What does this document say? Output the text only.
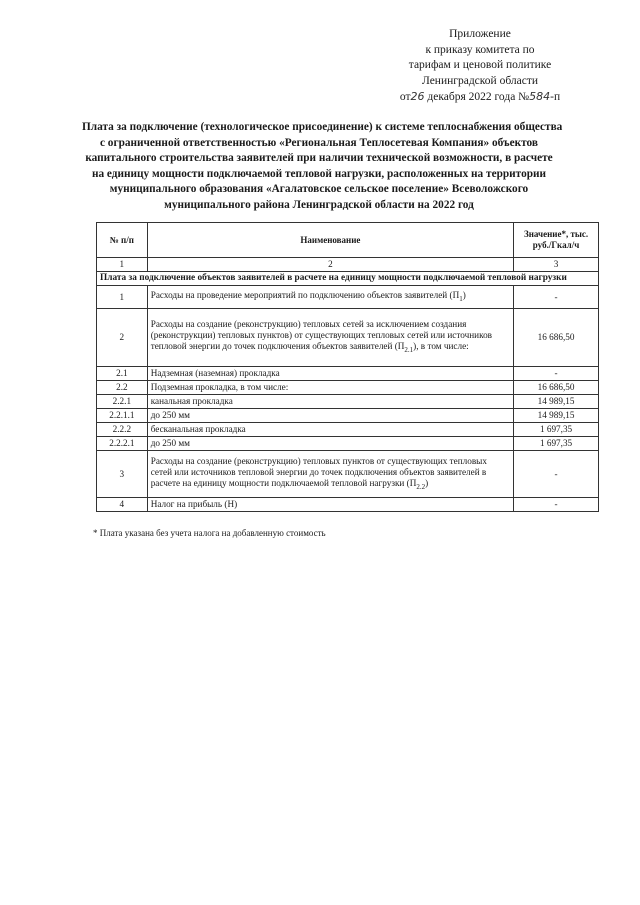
Приложение
к приказу комитета по
тарифам и ценовой политике
Ленинградской области
от26 декабря 2022 года №584-п
Плата за подключение (технологическое присоединение) к системе теплоснабжения общества
с ограниченной ответственностью «Региональная Теплосетевая Компания» объектов
капитального строительства заявителей при наличии технической возможности, в расчете
на единицу мощности подключаемой тепловой нагрузки, расположенных на территории
муниципального образования «Агалатовское сельское поселение» Всеволожского
муниципального района Ленинградской области на 2022 год
№ п/п	Наименование	Значение*, тыс. руб./Гкал/ч
1	2	3
Плата за подключение объектов заявителей в расчете на единицу мощности подключаемой тепловой нагрузки		
1	Расходы на проведение мероприятий по подключению объектов заявителей $(П_1)$	-
2	Расходы на создание (реконструкцию) тепловых сетей за исключением создания (реконструкции) тепловых пунктов) от существующих тепловых сетей или источников тепловой энергии до точек подключения объектов заявителей $(П_{2.1})$, в том числе:	16 686,50
2.1	Надземная (наземная) прокладка	-
2.2	Подземная прокладка, в том числе:	16 686,50
2.2.1	канальная прокладка	14 989,15
2.2.1.1	до 250 мм	14 989,15
2.2.2	бесканальная прокладка	1 697,35
2.2.2.1	до 250 мм	1 697,35
3	Расходы на создание (реконструкцию) тепловых пунктов от существующих тепловых сетей или источников тепловой энергии до точек подключения объектов заявителей в расчете на единицу мощности подключаемой тепловой нагрузки $(П_{2.2})$	-
4	Налог на прибыль (Н)	-
* Плата указана без учета налога на добавленную стоимость
